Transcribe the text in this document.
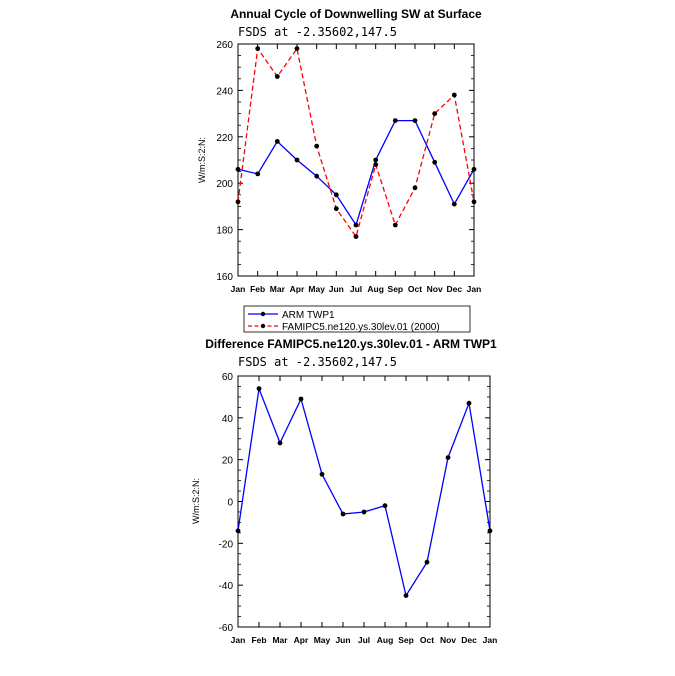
Annual Cycle of Downwelling SW at Surface
FSDS at -2.35602,147.5
W/m:S:2:N:
160
180
200
220
240
260
Jan Feb Mar Apr May Jun Jul Aug Sep Oct Nov Dec Jan
ARM TWP1
FAMIPC5.ne120.ys.30lev.01 (2000)
Difference FAMIPC5.ne120.ys.30lev.01 - ARM TWP1
FSDS at -2.35602,147.5
W/m:S:2:N:
-60
-40
-20
0
20
40
60
Jan Feb Mar Apr May Jun Jul Aug Sep Oct Nov Dec Jan
